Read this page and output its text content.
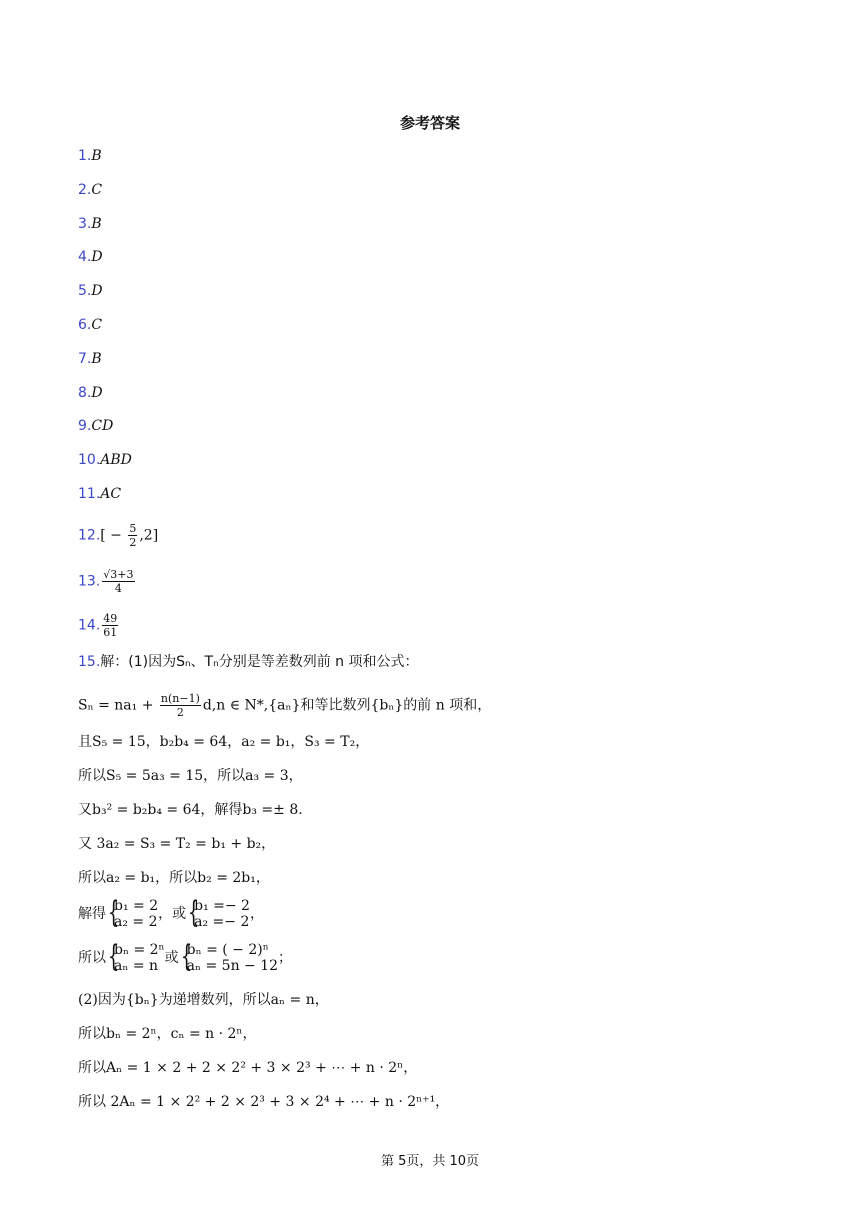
参考答案
1.B
2.C
3.B
4.D
5.D
6.C
7.B
8.D
9.CD
10.ABD
11.AC
$12.[ - \frac{5}{2} ,2]$
13. $\frac{√3+3}{4}$
14. $\frac{49}{61}$
15.解：(1)因为Sₙ、Tₙ分别是等差数列前 n 项和公式：
$S_n = na_1 + \frac{n(n-1)}{2} d,n$ ∈ N*,{aₙ}和等比数列{bₙ}的前 n 项和，
且S₅ = 15，b₂b₄ = 64，a₂ = b₁，S₃ = T₂，
所以S₅ = 5a₃ = 15，所以a₃ = 3，
又b₃² = b₂b₄ = 64，解得b₃ =± 8.
又 3a₂ = S₃ = T₂ = b₁ + b₂，
所以a₂ = b₁，所以b₂ = 2b₁，
解得 { b₁ = 2
a₂ = 2 ，或 { b₁ =− 2
a₂ =− 2 ，
所以 { bₙ = 2ⁿ
aₙ = n 或 { bₙ = ( − 2)ⁿ
aₙ = 5n − 12 ；
(2)因为{bₙ}为递增数列，所以aₙ = n，
所以bₙ = 2ⁿ，cₙ = n · 2ⁿ，
所以Aₙ = 1 × 2 + 2 × 2² + 3 × 2³ + ⋯ + n · 2ⁿ，
所以 2Aₙ = 1 × 2² + 2 × 2³ + 3 × 2⁴ + ⋯ + n · 2ⁿ⁺¹，
第 5页，共 10页
